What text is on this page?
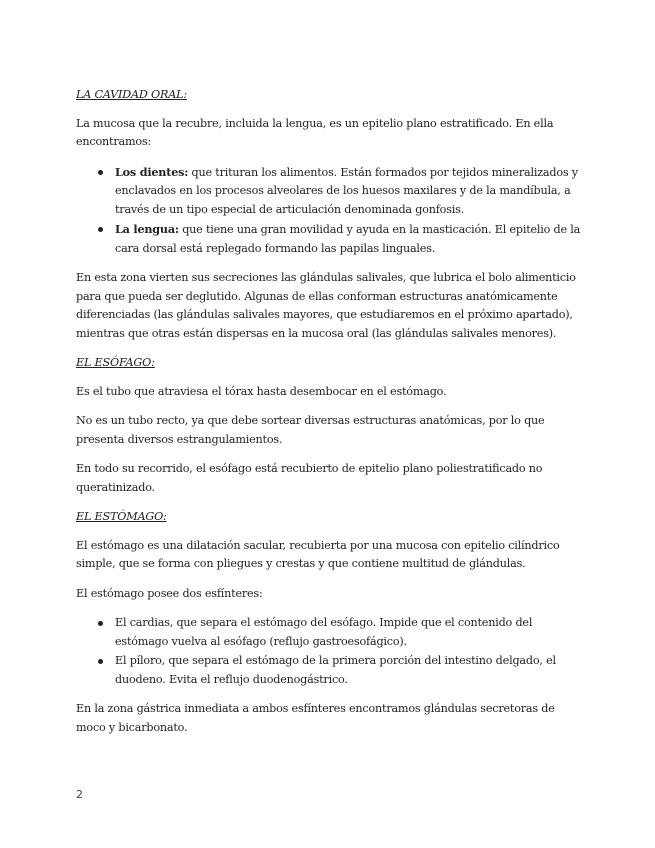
LA CAVIDAD ORAL:

La mucosa que la recubre, incluida la lengua, es un epitelio plano estratificado. En ella encontramos:

Los dientes: que trituran los alimentos. Están formados por tejidos mineralizados y enclavados en los procesos alveolares de los huesos maxilares y de la mandíbula, a través de un tipo especial de articulación denominada gonfosis.
La lengua: que tiene una gran movilidad y ayuda en la masticación. El epitelio de la cara dorsal está replegado formando las papilas linguales.

En esta zona vierten sus secreciones las glándulas salivales, que lubrica el bolo alimenticio para que pueda ser deglutido. Algunas de ellas conforman estructuras anatómicamente diferenciadas (las glándulas salivales mayores, que estudiaremos en el próximo apartado), mientras que otras están dispersas en la mucosa oral (las glándulas salivales menores).

EL ESÓFAGO:

Es el tubo que atraviesa el tórax hasta desembocar en el estómago.

No es un tubo recto, ya que debe sortear diversas estructuras anatómicas, por lo que presenta diversos estrangulamientos.

En todo su recorrido, el esófago está recubierto de epitelio plano poliestratificado no queratinizado.

EL ESTÓMAGO:

El estómago es una dilatación sacular, recubierta por una mucosa con epitelio cilíndrico simple, que se forma con pliegues y crestas y que contiene multitud de glándulas.

El estómago posee dos esfínteres:

El cardias, que separa el estómago del esófago. Impide que el contenido del estómago vuelva al esófago (reflujo gastroesofágico).
El píloro, que separa el estómago de la primera porción del intestino delgado, el duodeno. Evita el reflujo duodenogástrico.

En la zona gástrica inmediata a ambos esfínteres encontramos glándulas secretoras de moco y bicarbonato.

2
